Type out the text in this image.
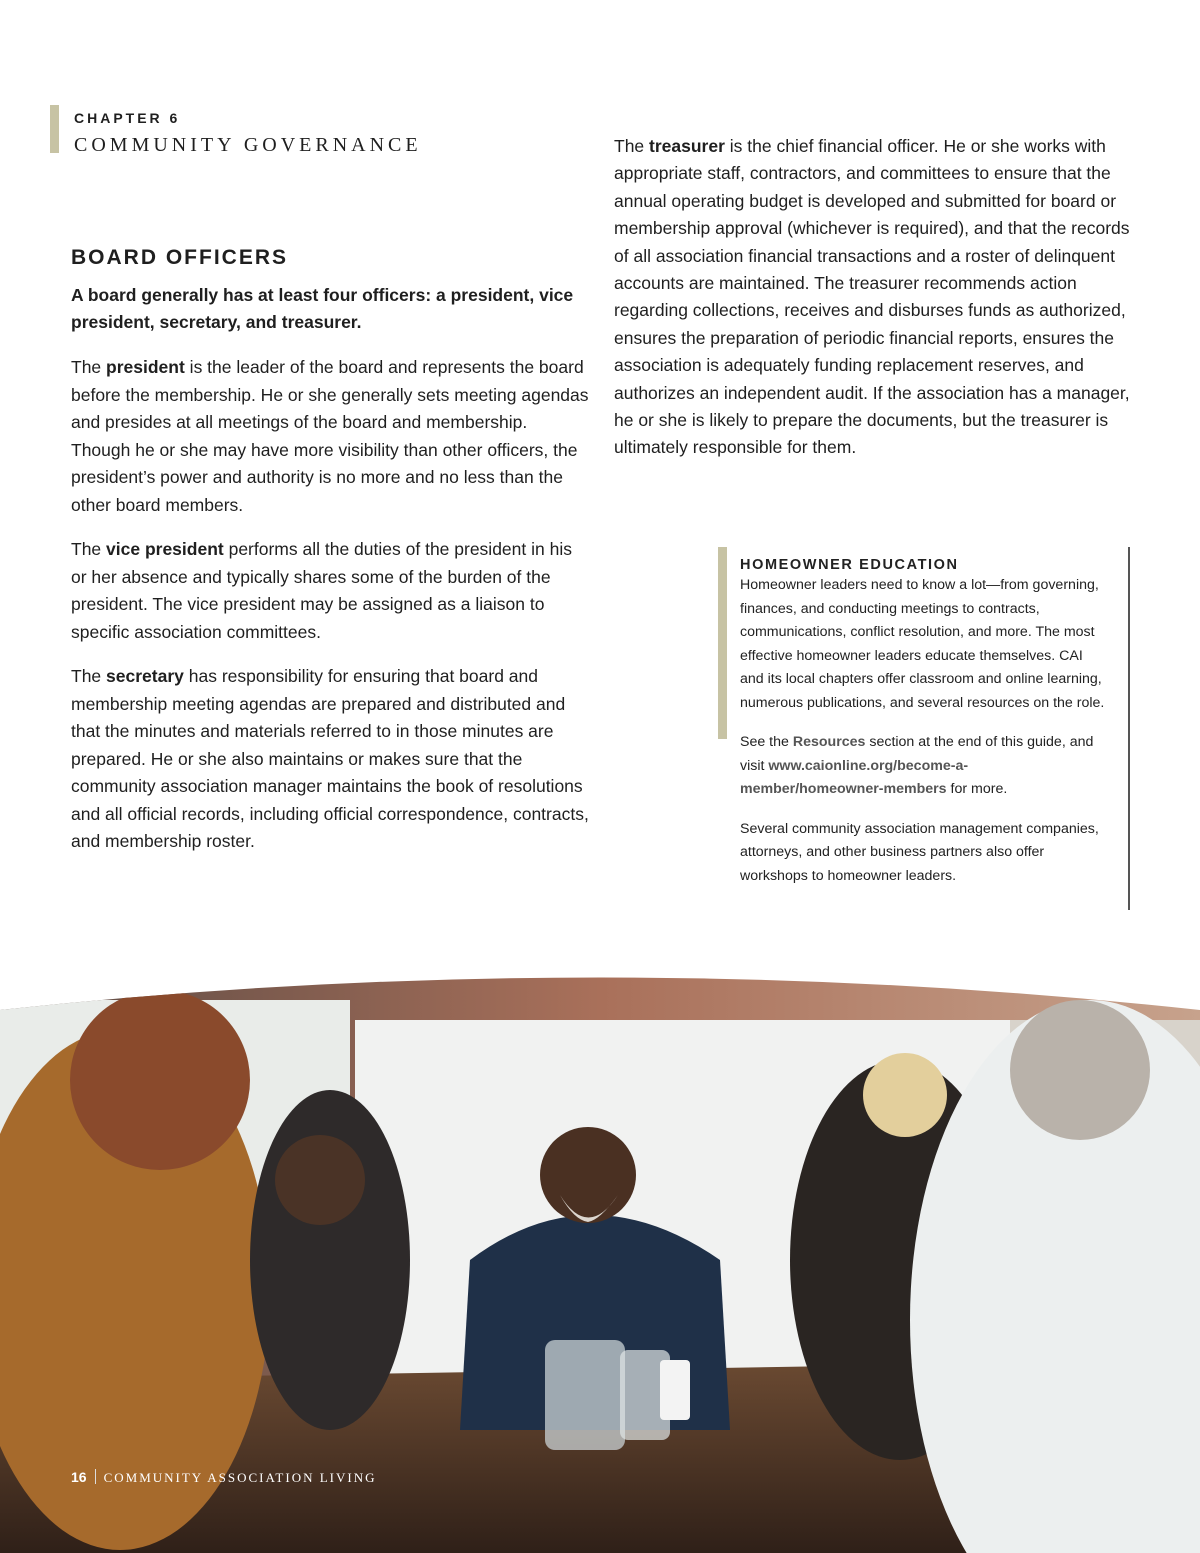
CHAPTER 6
COMMUNITY GOVERNANCE
BOARD OFFICERS

A board generally has at least four officers: a president, vice president, secretary, and treasurer.

The president is the leader of the board and represents the board before the membership. He or she generally sets meeting agendas and presides at all meetings of the board and membership. Though he or she may have more visibility than other officers, the president’s power and authority is no more and no less than the other board members.

The vice president performs all the duties of the president in his or her absence and typically shares some of the burden of the president. The vice president may be assigned as a liaison to specific association committees.

The secretary has responsibility for ensuring that board and membership meeting agendas are prepared and distributed and that the minutes and materials referred to in those minutes are prepared. He or she also maintains or makes sure that the community association manager maintains the book of resolutions and all official records, including official correspondence, contracts, and membership roster.

The treasurer is the chief financial officer. He or she works with appropriate staff, contractors, and committees to ensure that the annual operating budget is developed and submitted for board or membership approval (whichever is required), and that the records of all association financial transactions and a roster of delinquent accounts are maintained. The treasurer recommends action regarding collections, receives and disburses funds as authorized, ensures the preparation of periodic financial reports, ensures the association is adequately funding replacement reserves, and authorizes an independent audit. If the association has a manager, he or she is likely to prepare the documents, but the treasurer is ultimately responsible for them.

HOMEOWNER EDUCATION

Homeowner leaders need to know a lot—from governing, finances, and conducting meetings to contracts, communications, conflict resolution, and more. The most effective homeowner leaders educate themselves. CAI and its local chapters offer classroom and online learning, numerous publications, and several resources on the role.

See the Resources section at the end of this guide, and visit www.caionline.org/become-a-member/homeowner-members for more.

Several community association management companies, attorneys, and other business partners also offer workshops to homeowner leaders.

16 COMMUNITY ASSOCIATION LIVING
